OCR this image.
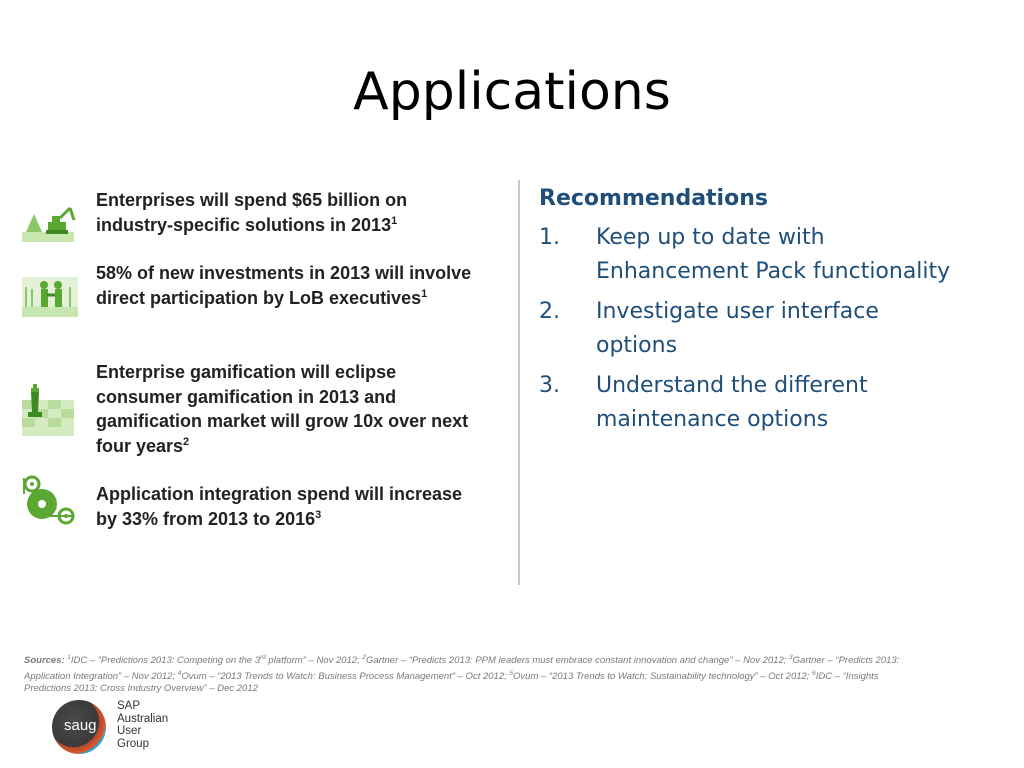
Applications
Enterprises will spend $65 billion on industry-specific solutions in 2013$^1$
58% of new investments in 2013 will involve direct participation by LoB executives$^1$
Enterprise gamification will eclipse consumer gamification in 2013 and gamification market will grow 10x over next four years$^2$
Application integration spend will increase by 33% from 2013 to 2016$^3$
Recommendations
1. Keep up to date with Enhancement Pack functionality
2. Investigate user interface options
3. Understand the different maintenance options
Sources: $^1$IDC – “Predictions 2013: Competing on the 3rd platform” – Nov 2012; $^2$Gartner – “Predicts 2013: PPM leaders must embrace constant innovation and change” – Nov 2012; $^3$Gartner – “Predicts 2013: Application Integration” – Nov 2012; $^4$Ovum – “2013 Trends to Watch: Business Process Management” – Oct 2012; $^5$Ovum – “2013 Trends to Watch: Sustainability technology” – Oct 2012; $^6$IDC – “Insights Predictions 2013: Cross Industry Overview” – Dec 2012
saug
SAP
Australian
User
Group
